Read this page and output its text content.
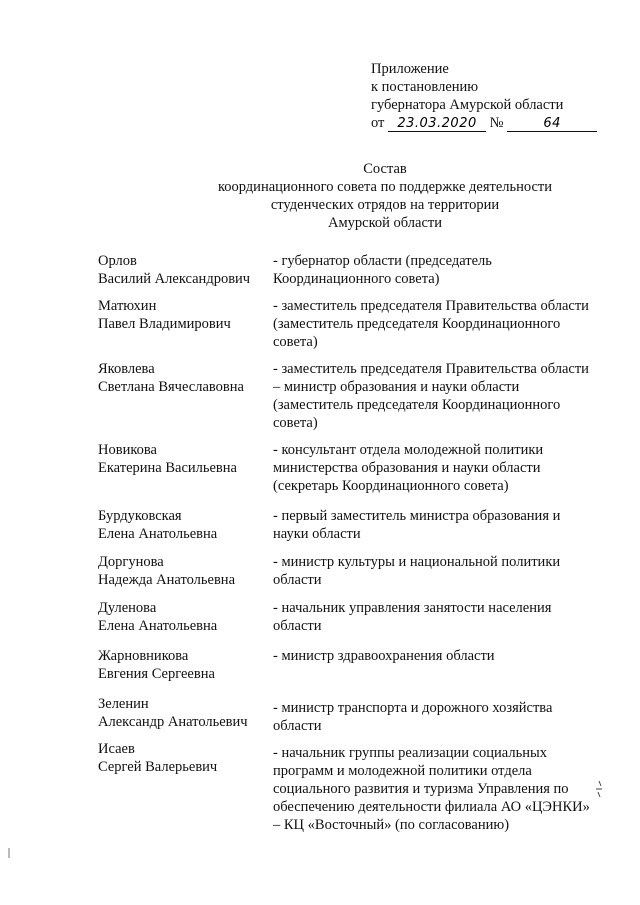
Приложение
к постановлению
губернатора Амурской области
от 23.03.2020 №	64
Состав
координационного совета по поддержке деятельности
студенческих отрядов на территории
Амурской области
Орлов
Василий Александрович
- губернатор области (председатель
Координационного совета)
Матюхин
Павел Владимирович
- заместитель председателя Правительства области
(заместитель председателя Координационного
совета)
Яковлева
Светлана Вячеславовна
- заместитель председателя Правительства области
– министр образования и науки области
(заместитель председателя Координационного
совета)
Новикова
Екатерина Васильевна
- консультант отдела молодежной политики
министерства образования и науки области
(секретарь Координационного совета)
Бурдуковская
Елена Анатольевна
- первый заместитель министра образования и
науки области
Доргунова
Надежда Анатольевна
- министр культуры и национальной политики
области
Дуленова
Елена Анатольевна
- начальник управления занятости населения
области
Жарновникова
Евгения Сергеевна
- министр здравоохранения области
Зеленин
Александр Анатольевич
- министр транспорта и дорожного хозяйства
области
Исаев
Сергей Валерьевич
- начальник группы реализации социальных
программ и молодежной политики отдела
социального развития и туризма Управления по
обеспечению деятельности филиала АО «ЦЭНКИ»
– КЦ «Восточный» (по согласованию)
